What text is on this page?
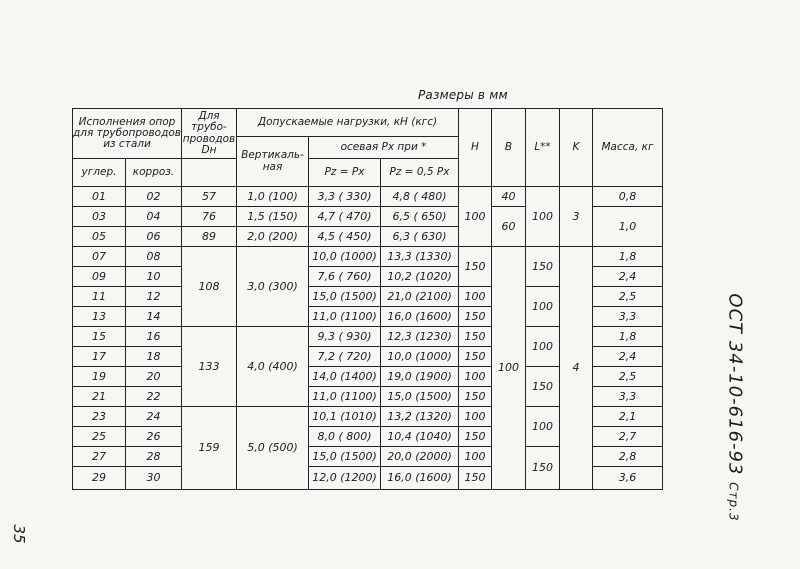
Размеры в мм
Исполнения опор для трубопроводов из стали		Для трубо-проводов
Dн	Допускаемые нагрузки, кН (кгс)			H	B	L**	K	Масса, кг
			Вертикаль-ная	осевая Pх при *						
углер.	корроз.			Pz = Px	Pz = 0,5 Px					
01	02	57	1,0 (100)	3,3 ( 330)	4,8 ( 480)	100	40	100	3	0,8
03	04	76	1,5 (150)	4,7 ( 470)	6,5 ( 650)		60			1,0
05	06	89	2,0 (200)	4,5 ( 450)	6,3 ( 630)					
07	08	108	3,0 (300)	10,0 (1000)	13,3 (1330)	150	100	150	4	1,8
09	10			7,6 ( 760)	10,2 (1020)					2,4
11	12			15,0 (1500)	21,0 (2100)	100		100		2,5
13	14			11,0 (1100)	16,0 (1600)	150				3,3
15	16	133	4,0 (400)	9,3 ( 930)	12,3 (1230)	150		100		1,8
17	18			7,2 ( 720)	10,0 (1000)	150				2,4
19	20			14,0 (1400)	19,0 (1900)	100		150		2,5
21	22			11,0 (1100)	15,0 (1500)	150				3,3
23	24	159	5,0 (500)	10,1 (1010)	13,2 (1320)	100		100		2,1
25	26			8,0 ( 800)	10,4 (1040)	150				2,7
27	28			15,0 (1500)	20,0 (2000)	100		150		2,8
29	30			12,0 (1200)	16,0 (1600)	150				3,6
ОСТ 34-10-616-93 Стр.3
35
